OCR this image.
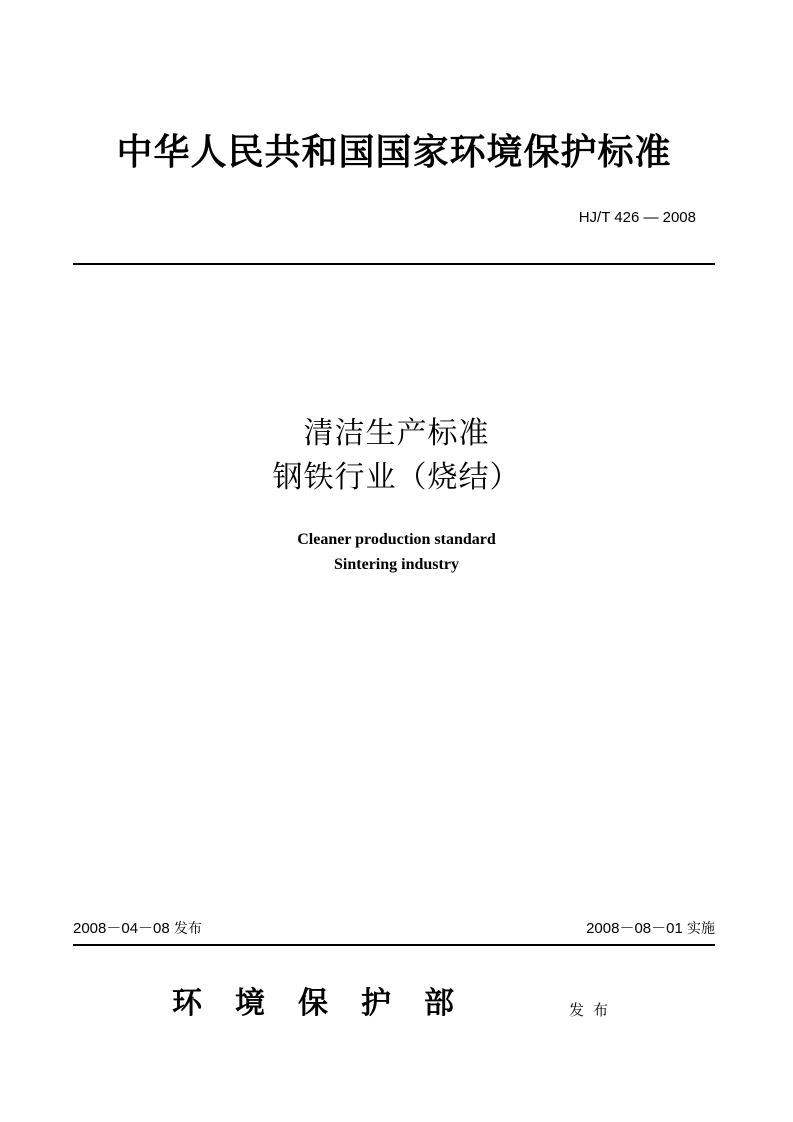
中华人民共和国国家环境保护标准
HJ/T 426 — 2008
清洁生产标准
钢铁行业（烧结）
Cleaner production standard
Sintering industry
2008－04－08 发布	2008－08－01 实施
环境保护部	发布
